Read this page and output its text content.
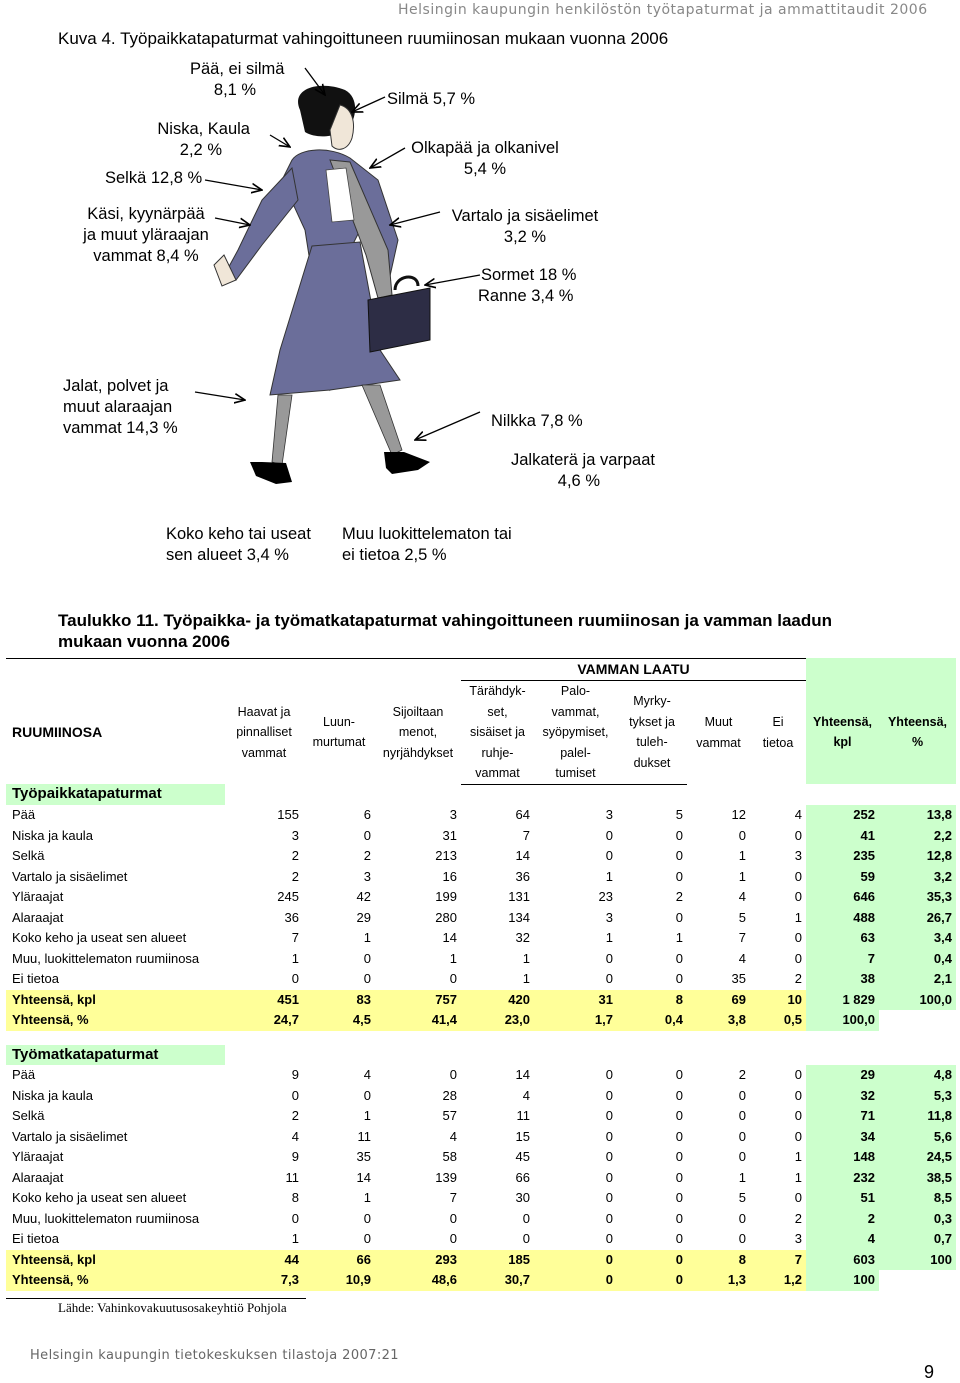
Helsingin kaupungin henkilöstön työtapaturmat ja ammattitaudit 2006
Kuva 4. Työpaikkatapaturmat vahingoittuneen ruumiinosan mukaan vuonna 2006
Pää, ei silmä
8,1 %	Silmä 5,7 %
Niska, Kaula
2,2 %
Selkä 12,8 %
Olkapää ja olkanivel
5,4 %
Käsi, kyynärpää
ja muut yläraajan
vammat 8,4 %
Vartalo ja sisäelimet
3,2 %
Sormet 18 %
Ranne 3,4 %
Jalat, polvet ja
muut alaraajan
vammat 14,3 %	Nilkka 7,8 %
Jalkaterä ja varpaat
4,6 %
Koko keho tai useat
sen alueet 3,4 %
Muu luokittelematon tai
ei tietoa 2,5 %
Taulukko 11. Työpaikka- ja työmatkatapaturmat vahingoittuneen ruumiinosan ja vamman laadun
mukaan vuonna 2006
				VAMMAN LAATU						
RUUMIINOSA	Haavat ja
pinnalliset
vammat	Luun-
murtumat	Sijoiltaan
menot,
nyrjähdykset	Tärähdyk-
set,
sisäiset ja
ruhje-
vammat	Palo-
vammat,
syöpymiset,
palel-
tumiset	Myrky-
tykset ja
tuleh-
dukset	Muut
vammat	Ei
tietoa	Yhteensä,
kpl	Yhteensä,
%
Työpaikkatapaturmat										
Pää	155	6	3	64	3	5	12	4	252	13,8
Niska ja kaula	3	0	31	7	0	0	0	0	41	2,2
Selkä	2	2	213	14	0	0	1	3	235	12,8
Vartalo ja sisäelimet	2	3	16	36	1	0	1	0	59	3,2
Yläraajat	245	42	199	131	23	2	4	0	646	35,3
Alaraajat	36	29	280	134	3	0	5	1	488	26,7
Koko keho ja useat sen alueet	7	1	14	32	1	1	7	0	63	3,4
Muu, luokittelematon ruumiinosa	1	0	1	1	0	0	4	0	7	0,4
Ei tietoa	0	0	0	1	0	0	35	2	38	2,1
Yhteensä, kpl	451	83	757	420	31	8	69	10	1 829	100,0
Yhteensä, %	24,7	4,5	41,4	23,0	1,7	0,4	3,8	0,5	100,0	

Työmatkatapaturmat										
Pää	9	4	0	14	0	0	2	0	29	4,8
Niska ja kaula	0	0	28	4	0	0	0	0	32	5,3
Selkä	2	1	57	11	0	0	0	0	71	11,8
Vartalo ja sisäelimet	4	11	4	15	0	0	0	0	34	5,6
Yläraajat	9	35	58	45	0	0	0	1	148	24,5
Alaraajat	11	14	139	66	0	0	1	1	232	38,5
Koko keho ja useat sen alueet	8	1	7	30	0	0	5	0	51	8,5
Muu, luokittelematon ruumiinosa	0	0	0	0	0	0	0	2	2	0,3
Ei tietoa	1	0	0	0	0	0	0	3	4	0,7
Yhteensä, kpl	44	66	293	185	0	0	8	7	603	100
Yhteensä, %	7,3	10,9	48,6	30,7	0	0	1,3	1,2	100	
Lähde: Vahinkovakuutusosakeyhtiö Pohjola
Helsingin kaupungin tietokeskuksen tilastoja 2007:21
9
